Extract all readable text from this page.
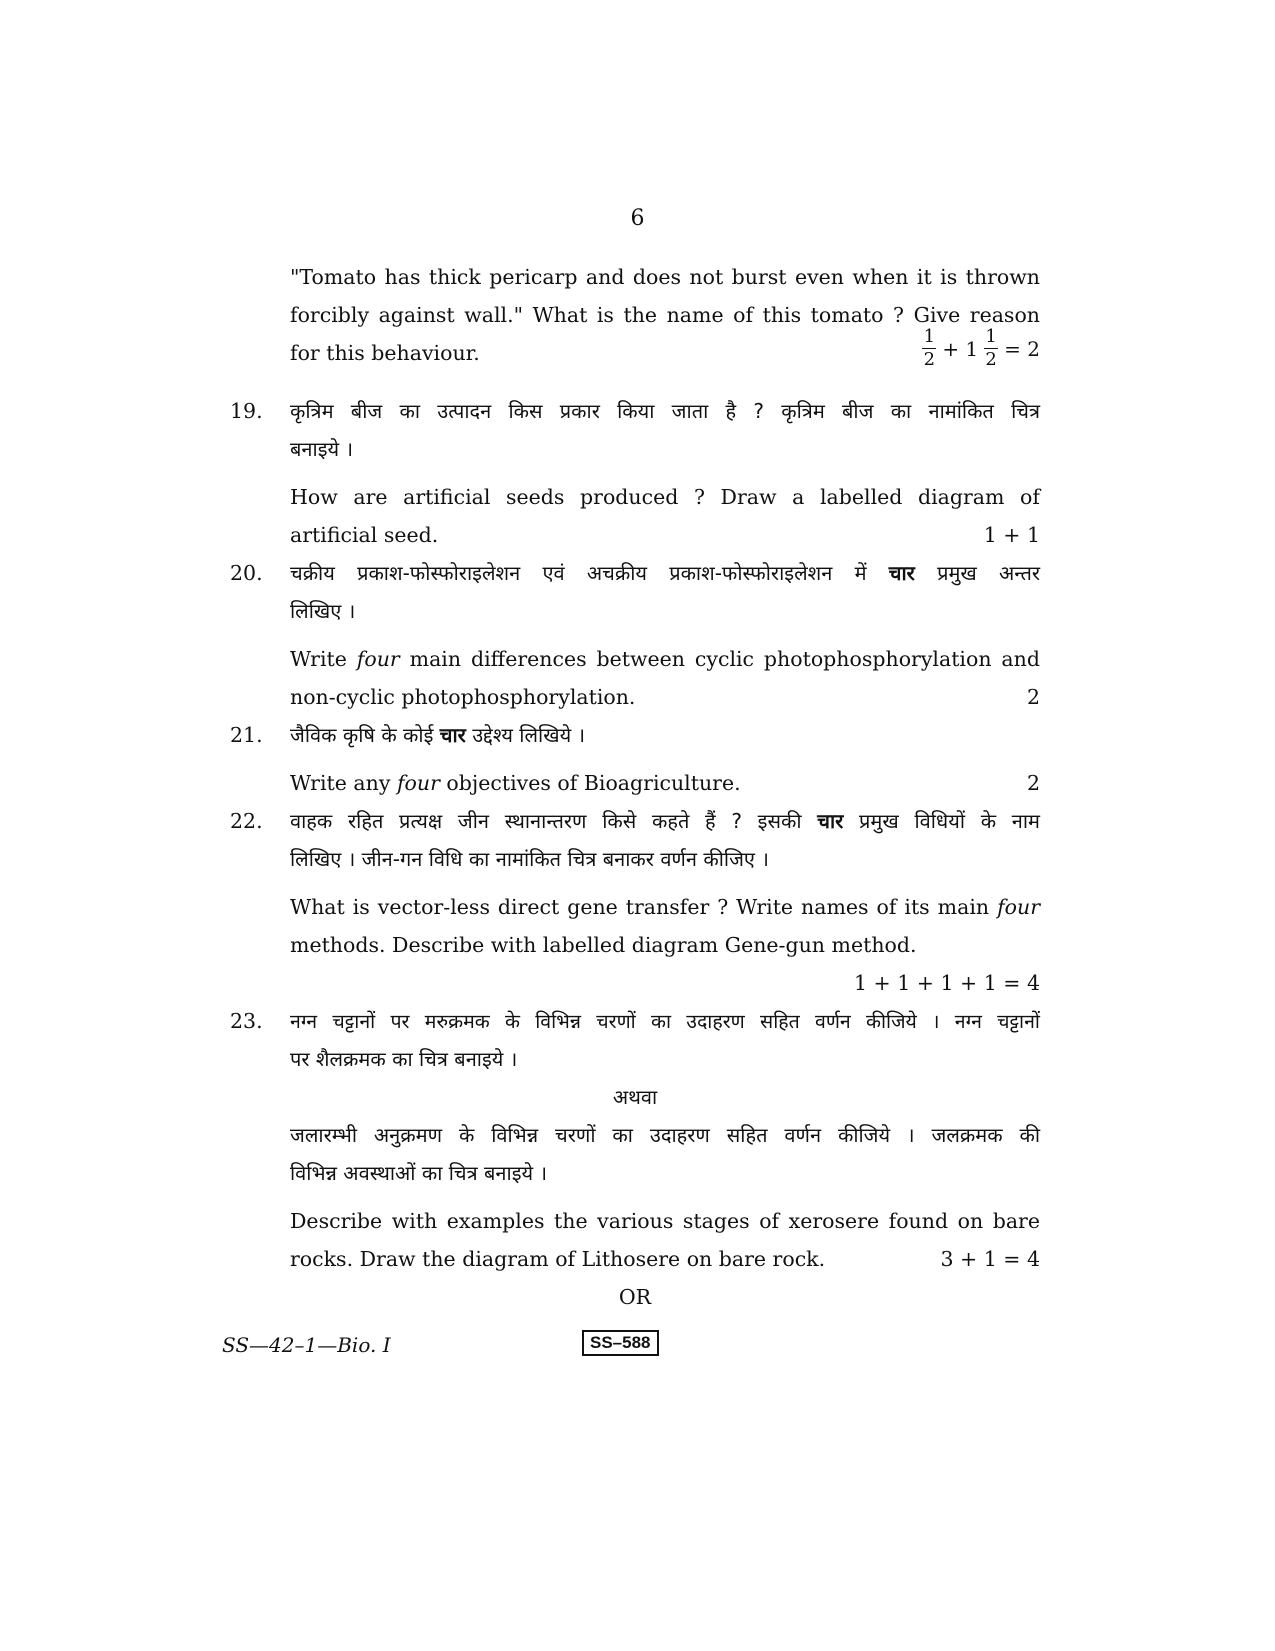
6
"Tomato has thick pericarp and does not burst even when it is thrown
forcibly against wall." What is the name of this tomato ? Give reason
for this behaviour.	$\frac{1}{2} + 1 \frac{1}{2} = 2$
19.	कृत्रिम बीज का उत्पादन किस प्रकार किया जाता है ? कृत्रिम बीज का नामांकित चित्र
बनाइये ।
How are artificial seeds produced ? Draw a labelled diagram of
artificial seed.	1 + 1
20.	चक्रीय प्रकाश-फोस्फोराइलेशन एवं अचक्रीय प्रकाश-फोस्फोराइलेशन में चार प्रमुख अन्तर
लिखिए ।
Write four main differences between cyclic photophosphorylation and
non-cyclic photophosphorylation.	2
21.	जैविक कृषि के कोई चार उद्देश्य लिखिये ।
Write any four objectives of Bioagriculture.	2
22.	वाहक रहित प्रत्यक्ष जीन स्थानान्तरण किसे कहते हैं ? इसकी चार प्रमुख विधियों के नाम
लिखिए । जीन-गन विधि का नामांकित चित्र बनाकर वर्णन कीजिए ।
What is vector-less direct gene transfer ? Write names of its main four
methods. Describe with labelled diagram Gene-gun method.
1 + 1 + 1 + 1 = 4
23.	नग्न चट्टानों पर मरुक्रमक के विभिन्न चरणों का उदाहरण सहित वर्णन कीजिये । नग्न चट्टानों
पर शैलक्रमक का चित्र बनाइये ।
अथवा
जलारम्भी अनुक्रमण के विभिन्न चरणों का उदाहरण सहित वर्णन कीजिये । जलक्रमक की
विभिन्न अवस्थाओं का चित्र बनाइये ।
Describe with examples the various stages of xerosere found on bare
rocks. Draw the diagram of Lithosere on bare rock.	3 + 1 = 4
OR
SS—42–1—Bio. I	SS–588
